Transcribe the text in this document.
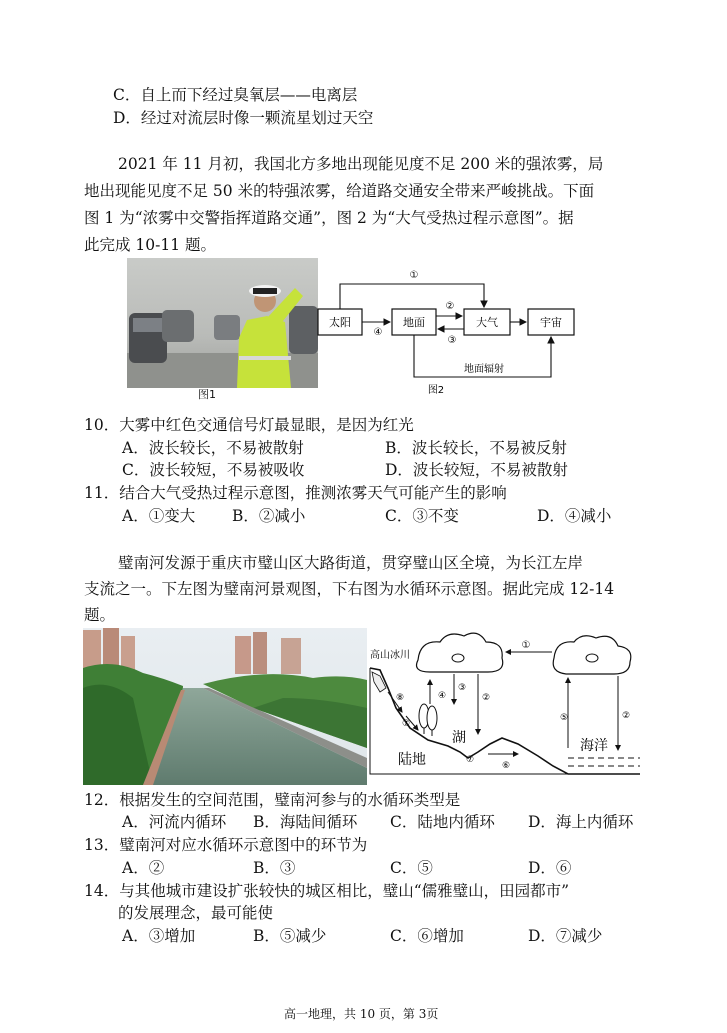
C．自上而下经过臭氧层——电离层
D．经过对流层时像一颗流星划过天空
2021 年 11 月初，我国北方多地出现能见度不足 200 米的强浓雾，局
地出现能见度不足 50 米的特强浓雾，给道路交通安全带来严峻挑战。下面
图 1 为“浓雾中交警指挥道路交通”，图 2 为“大气受热过程示意图”。据
此完成 10-11 题。
图1
太阳	地面	大气	宇宙
①
④
②
③
地面辐射
图2
10．大雾中红色交通信号灯最显眼，是因为红光
A．波长较长，不易被散射	B．波长较长，不易被反射
C．波长较短，不易被吸收	D．波长较短，不易被散射
11．结合大气受热过程示意图，推测浓雾天气可能产生的影响
A．①变大 B．②减小	C．③不变	D．④减小
璧南河发源于重庆市璧山区大路街道，贯穿璧山区全境，为长江左岸
支流之一。下左图为璧南河景观图，下右图为水循环示意图。据此完成 12-14
题。
①
高山冰川
⑧
⑦
④
③
②
⑦
⑥
⑤	②
陆地
湖	海洋
12．根据发生的空间范围，璧南河参与的水循环类型是
A．河流内循环 B．海陆间循环 C．陆地内循环 D．海上内循环
13．璧南河对应水循环示意图中的环节为
A．②	B．③	C．⑤	D．⑥
14．与其他城市建设扩张较快的城区相比，璧山“儒雅璧山，田园都市”
的发展理念，最可能使
A．③增加	B．⑤减少	C．⑥增加	D．⑦减少
高一地理，共 10 页，第 3页
